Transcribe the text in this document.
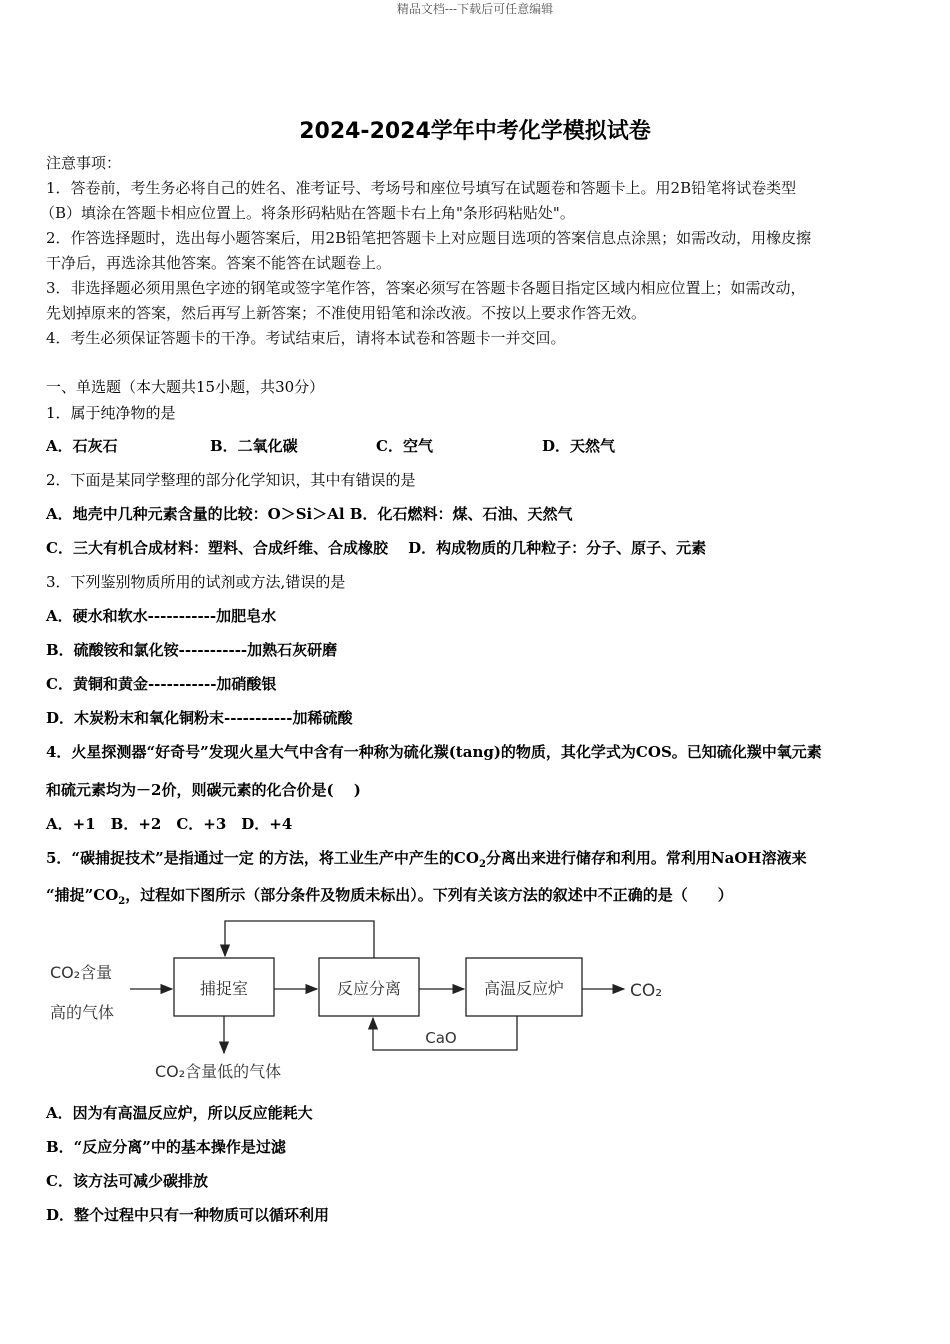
精品文档---下载后可任意编辑
2024-2024学年中考化学模拟试卷
注意事项：
1．答卷前，考生务必将自己的姓名、准考证号、考场号和座位号填写在试题卷和答题卡上。用2B铅笔将试卷类型
（B）填涂在答题卡相应位置上。将条形码粘贴在答题卡右上角"条形码粘贴处"。
2．作答选择题时，选出每小题答案后，用2B铅笔把答题卡上对应题目选项的答案信息点涂黑；如需改动，用橡皮擦
干净后，再选涂其他答案。答案不能答在试题卷上。
3．非选择题必须用黑色字迹的钢笔或签字笔作答，答案必须写在答题卡各题目指定区域内相应位置上；如需改动，
先划掉原来的答案，然后再写上新答案；不准使用铅笔和涂改液。不按以上要求作答无效。
4．考生必须保证答题卡的干净。考试结束后，请将本试卷和答题卡一并交回。
一、单选题（本大题共15小题，共30分）
1．属于纯净物的是
A．石灰石	B．二氧化碳	C．空气	D．天然气
2．下面是某同学整理的部分化学知识，其中有错误的是
A．地壳中几种元素含量的比较：O＞Si＞Al B．化石燃料：煤、石油、天然气
C．三大有机合成材料：塑料、合成纤维、合成橡胶　 D．构成物质的几种粒子：分子、原子、元素
3．下列鉴别物质所用的试剂或方法,错误的是
A．硬水和软水-----------加肥皂水
B．硫酸铵和氯化铵-----------加熟石灰研磨
C．黄铜和黄金-----------加硝酸银
D．木炭粉末和氧化铜粉末-----------加稀硫酸
4．火星探测器“好奇号”发现火星大气中含有一种称为硫化羰(tang)的物质，其化学式为COS。已知硫化羰中氧元素
和硫元素均为－2价，则碳元素的化合价是(　 )
A．+1　B．+2　C．+3　D．+4
5．“碳捕捉技术”是指通过一定 的方法，将工业生产中产生的$CO_2$分离出来进行储存和利用。常利用NaOH溶液来
“捕捉$”CO_2$，过程如下图所示（部分条件及物质未标出）。下列有关该方法的叙述中不正确的是（　　）
CO₂含量
高的气体
捕捉室	反应分离	高温反应炉	CO₂
CO₂含量低的气体
CaO
A．因为有高温反应炉，所以反应能耗大
B．“反应分离”中的基本操作是过滤
C．该方法可减少碳排放
D．整个过程中只有一种物质可以循环利用
